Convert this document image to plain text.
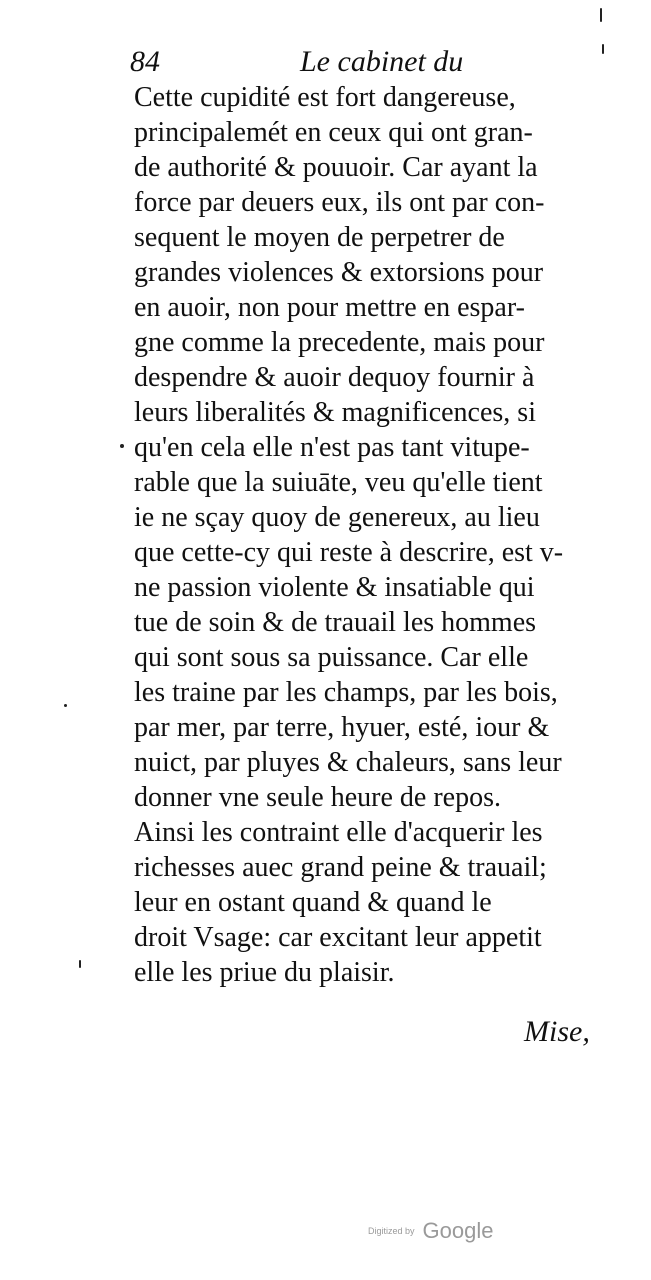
84	Le cabinet du
Cette cupidité est fort dangereuse,
principalemét en ceux qui ont gran-
de authorité & pouuoir. Car ayant la
force par deuers eux, ils ont par con-
sequent le moyen de perpetrer de
grandes violences & extorsions pour
en auoir, non pour mettre en espar-
gne comme la precedente, mais pour
despendre & auoir dequoy fournir à
leurs liberalités & magnificences, si
qu'en cela elle n'est pas tant vitupe-
rable que la suiuāte, veu qu'elle tient
ie ne sçay quoy de genereux, au lieu
que cette-cy qui reste à descrire, est v-
ne passion violente & insatiable qui
tue de soin & de trauail les hommes
qui sont sous sa puissance. Car elle
les traine par les champs, par les bois,
par mer, par terre, hyuer, esté, iour &
nuict, par pluyes & chaleurs, sans leur
donner vne seule heure de repos.
Ainsi les contraint elle d'acquerir les
richesses auec grand peine & trauail;
leur en ostant quand & quand le
droit Vsage: car excitant leur appetit
elle les priue du plaisir.
Mise,
Digitized by Google
